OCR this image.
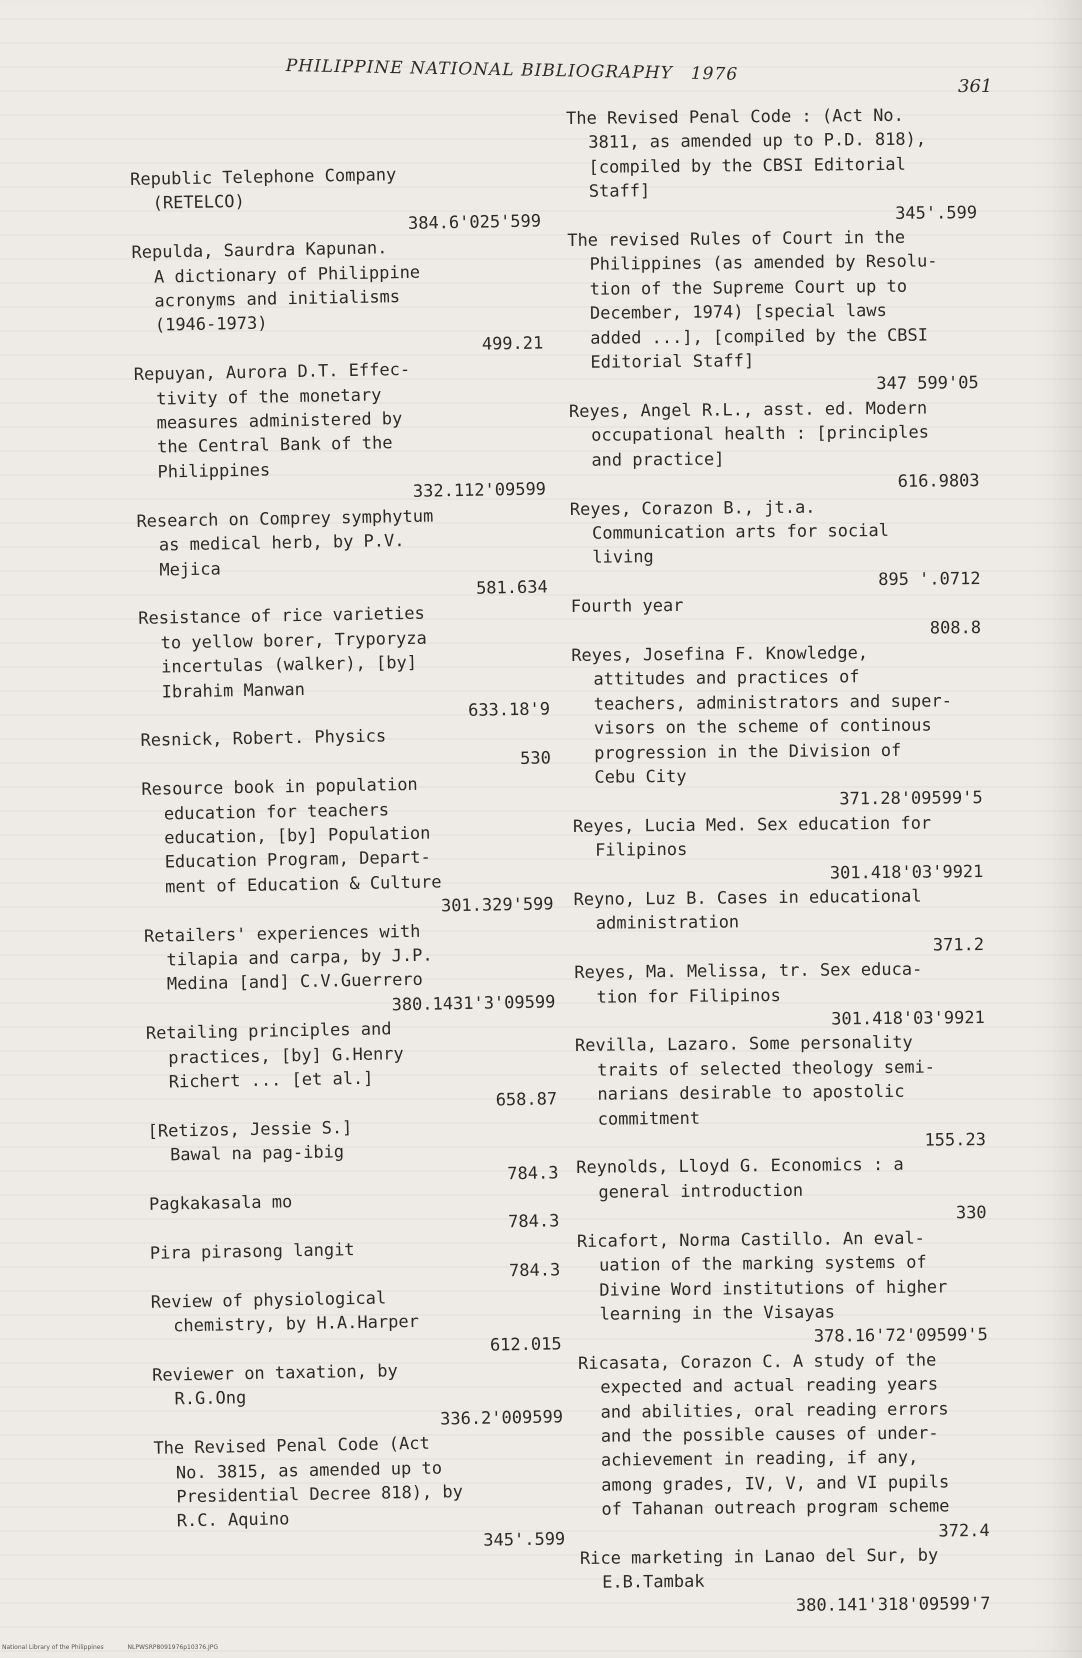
PHILIPPINE NATIONAL BIBLIOGRAPHY 1976
361
Republic Telephone Company
(RETELCO)
384.6'025'599
Repulda, Saurdra Kapunan.
A dictionary of Philippine
acronyms and initialisms
(1946-1973)
499.21
Repuyan, Aurora D.T. Effec-
tivity of the monetary
measures administered by
the Central Bank of the
Philippines
332.112'09599
Research on Comprey symphytum
as medical herb, by P.V.
Mejica
581.634
Resistance of rice varieties
to yellow borer, Tryporyza
incertulas (walker), [by]
Ibrahim Manwan
633.18'9
Resnick, Robert. Physics
530
Resource book in population
education for teachers
education, [by] Population
Education Program, Depart-
ment of Education & Culture
301.329'599
Retailers' experiences with
tilapia and carpa, by J.P.
Medina [and] C.V.Guerrero
380.1431'3'09599
Retailing principles and
practices, [by] G.Henry
Richert ... [et al.]
658.87
[Retizos, Jessie S.]
Bawal na pag-ibig
784.3
Pagkakasala mo
784.3
Pira pirasong langit
784.3
Review of physiological
chemistry, by H.A.Harper
612.015
Reviewer on taxation, by
R.G.Ong
336.2'009599
The Revised Penal Code (Act
No. 3815, as amended up to
Presidential Decree 818), by
R.C. Aquino
345'.599
The Revised Penal Code : (Act No.
3811, as amended up to P.D. 818),
[compiled by the CBSI Editorial
Staff]
345'.599
The revised Rules of Court in the
Philippines (as amended by Resolu-
tion of the Supreme Court up to
December, 1974) [special laws
added ...], [compiled by the CBSI
Editorial Staff]
347 599'05
Reyes, Angel R.L., asst. ed. Modern
occupational health : [principles
and practice]
616.9803
Reyes, Corazon B., jt.a.
Communication arts for social
living
895 '.0712
Fourth year
808.8
Reyes, Josefina F. Knowledge,
attitudes and practices of
teachers, administrators and super-
visors on the scheme of continous
progression in the Division of
Cebu City
371.28'09599'5
Reyes, Lucia Med. Sex education for
Filipinos
301.418'03'9921
Reyno, Luz B. Cases in educational
administration
371.2
Reyes, Ma. Melissa, tr. Sex educa-
tion for Filipinos
301.418'03'9921
Revilla, Lazaro. Some personality
traits of selected theology semi-
narians desirable to apostolic
commitment
155.23
Reynolds, Lloyd G. Economics : a
general introduction
330
Ricafort, Norma Castillo. An eval-
uation of the marking systems of
Divine Word institutions of higher
learning in the Visayas
378.16'72'09599'5
Ricasata, Corazon C. A study of the
expected and actual reading years
and abilities, oral reading errors
and the possible causes of under-
achievement in reading, if any,
among grades, IV, V, and VI pupils
of Tahanan outreach program scheme
372.4
Rice marketing in Lanao del Sur, by
E.B.Tambak
380.141'318'09599'7
National Library of the Philippines	NLPWSRP8091976p10376.JPG
